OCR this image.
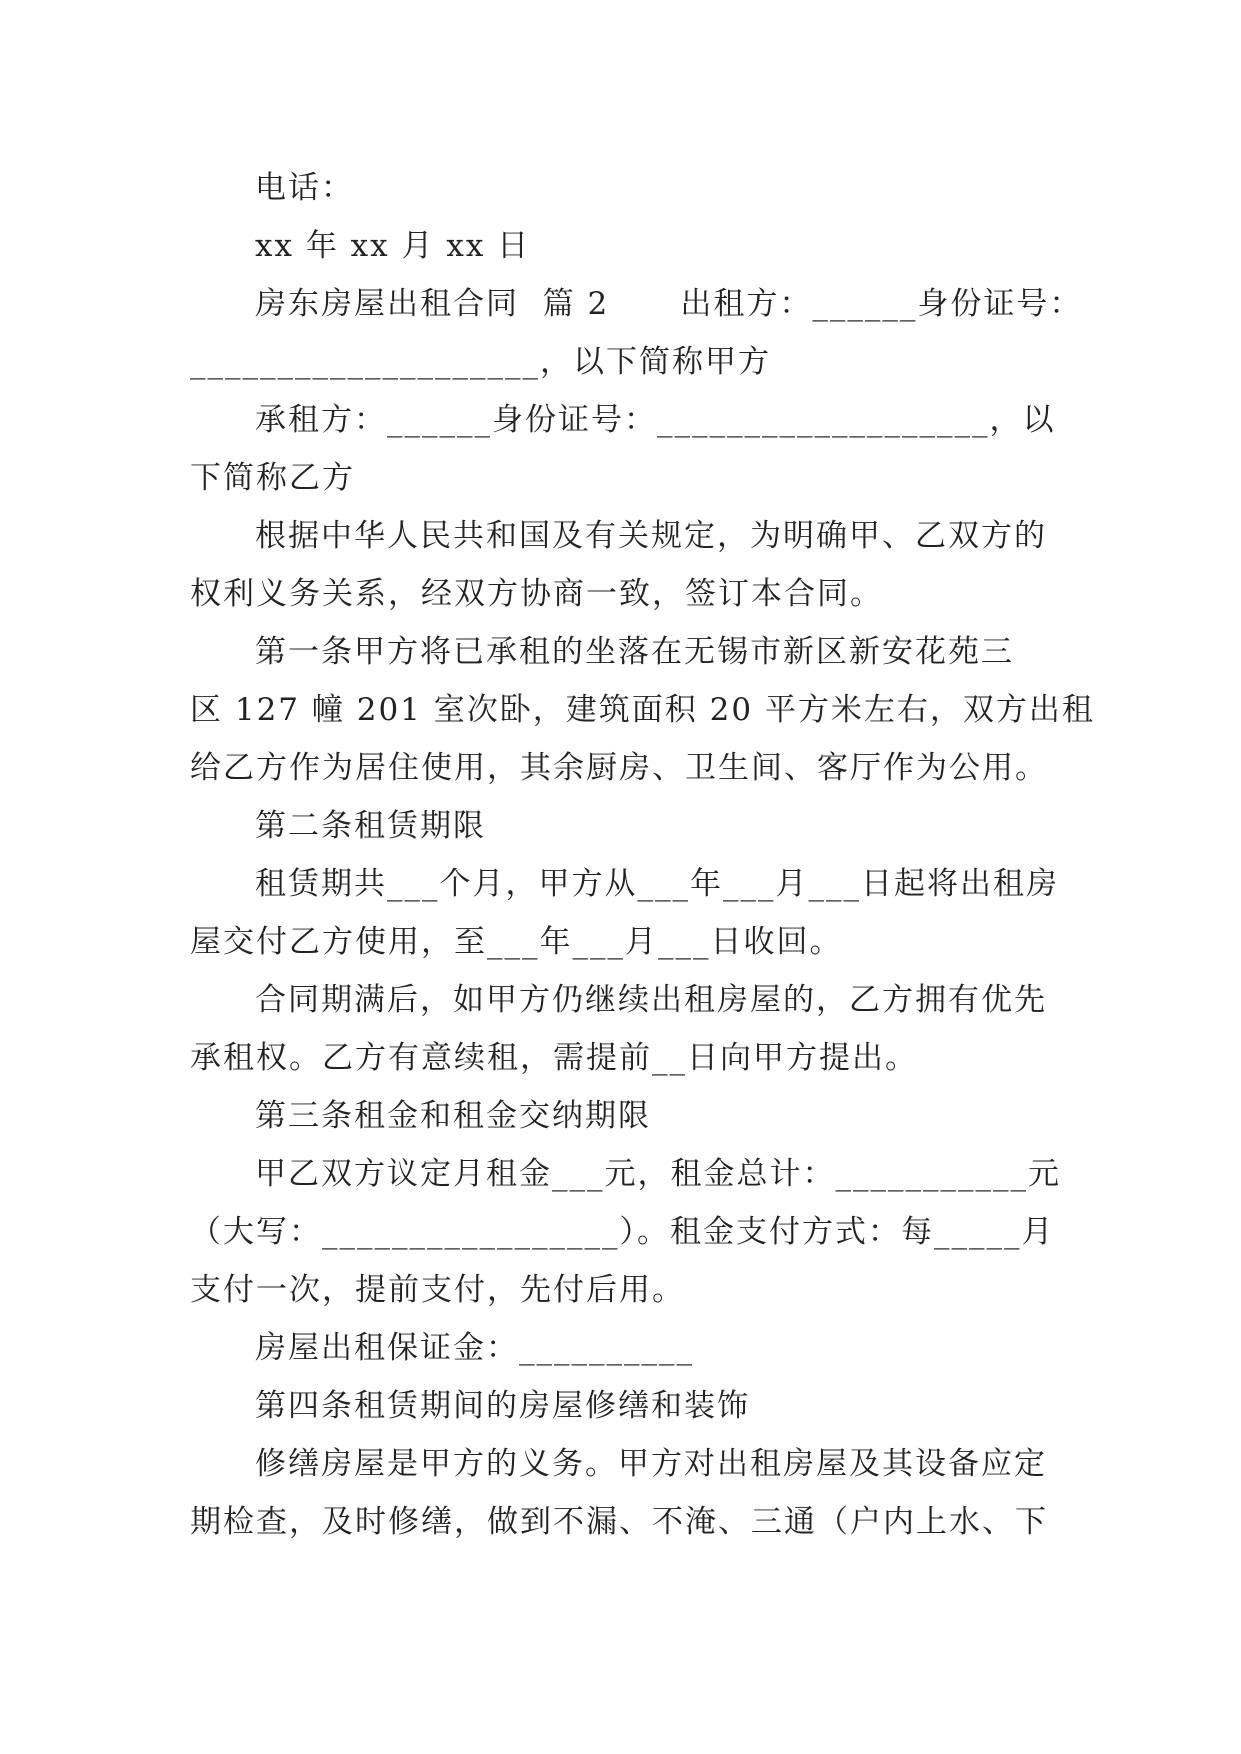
电话：
xx 年 xx 月 xx 日
房东房屋出租合同  篇 2      出租方：______身份证号：
____________________，以下简称甲方
承租方：______身份证号：___________________，以
下简称乙方
根据中华人民共和国及有关规定，为明确甲、乙双方的
权利义务关系，经双方协商一致，签订本合同。
第一条甲方将已承租的坐落在无锡市新区新安花苑三
区 127 幢 201 室次卧，建筑面积 20 平方米左右，双方出租
给乙方作为居住使用，其余厨房、卫生间、客厅作为公用。
第二条租赁期限
租赁期共___个月，甲方从___年___月___日起将出租房
屋交付乙方使用，至___年___月___日收回。
合同期满后，如甲方仍继续出租房屋的，乙方拥有优先
承租权。乙方有意续租，需提前__日向甲方提出。
第三条租金和租金交纳期限
甲乙双方议定月租金___元，租金总计：___________元
（大写：_________________）。租金支付方式：每_____月
支付一次，提前支付，先付后用。
房屋出租保证金：__________
第四条租赁期间的房屋修缮和装饰
修缮房屋是甲方的义务。甲方对出租房屋及其设备应定
期检查，及时修缮，做到不漏、不淹、三通（户内上水、下
